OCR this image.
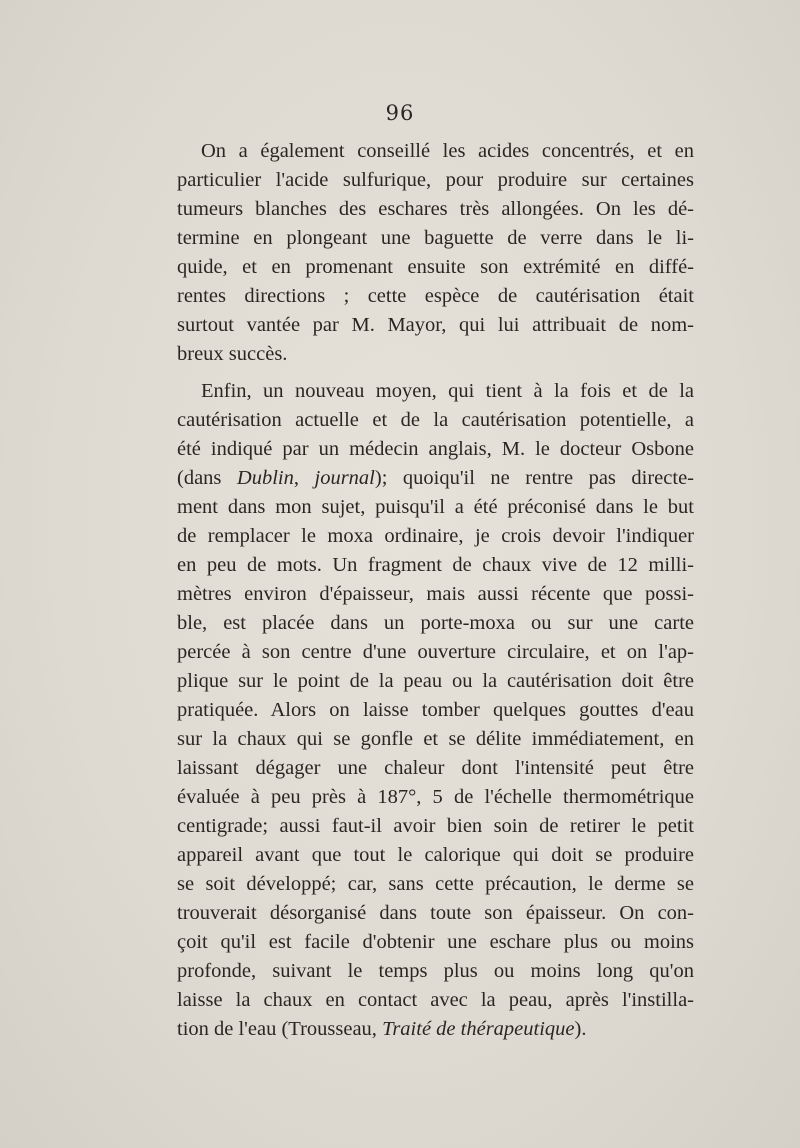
96
On a également conseillé les acides concentrés, et en
particulier l'acide sulfurique, pour produire sur certaines
tumeurs blanches des eschares très allongées. On les dé-
termine en plongeant une baguette de verre dans le li-
quide, et en promenant ensuite son extrémité en diffé-
rentes directions ; cette espèce de cautérisation était
surtout vantée par M. Mayor, qui lui attribuait de nom-
breux succès.
Enfin, un nouveau moyen, qui tient à la fois et de la
cautérisation actuelle et de la cautérisation potentielle, a
été indiqué par un médecin anglais, M. le docteur Osbone
(dans Dublin, journal); quoiqu'il ne rentre pas directe-
ment dans mon sujet, puisqu'il a été préconisé dans le but
de remplacer le moxa ordinaire, je crois devoir l'indiquer
en peu de mots. Un fragment de chaux vive de 12 milli-
mètres environ d'épaisseur, mais aussi récente que possi-
ble, est placée dans un porte-moxa ou sur une carte
percée à son centre d'une ouverture circulaire, et on l'ap-
plique sur le point de la peau ou la cautérisation doit être
pratiquée. Alors on laisse tomber quelques gouttes d'eau
sur la chaux qui se gonfle et se délite immédiatement, en
laissant dégager une chaleur dont l'intensité peut être
évaluée à peu près à 187°, 5 de l'échelle thermométrique
centigrade; aussi faut-il avoir bien soin de retirer le petit
appareil avant que tout le calorique qui doit se produire
se soit développé; car, sans cette précaution, le derme se
trouverait désorganisé dans toute son épaisseur. On con-
çoit qu'il est facile d'obtenir une eschare plus ou moins
profonde, suivant le temps plus ou moins long qu'on
laisse la chaux en contact avec la peau, après l'instilla-
tion de l'eau (Trousseau, Traité de thérapeutique).
